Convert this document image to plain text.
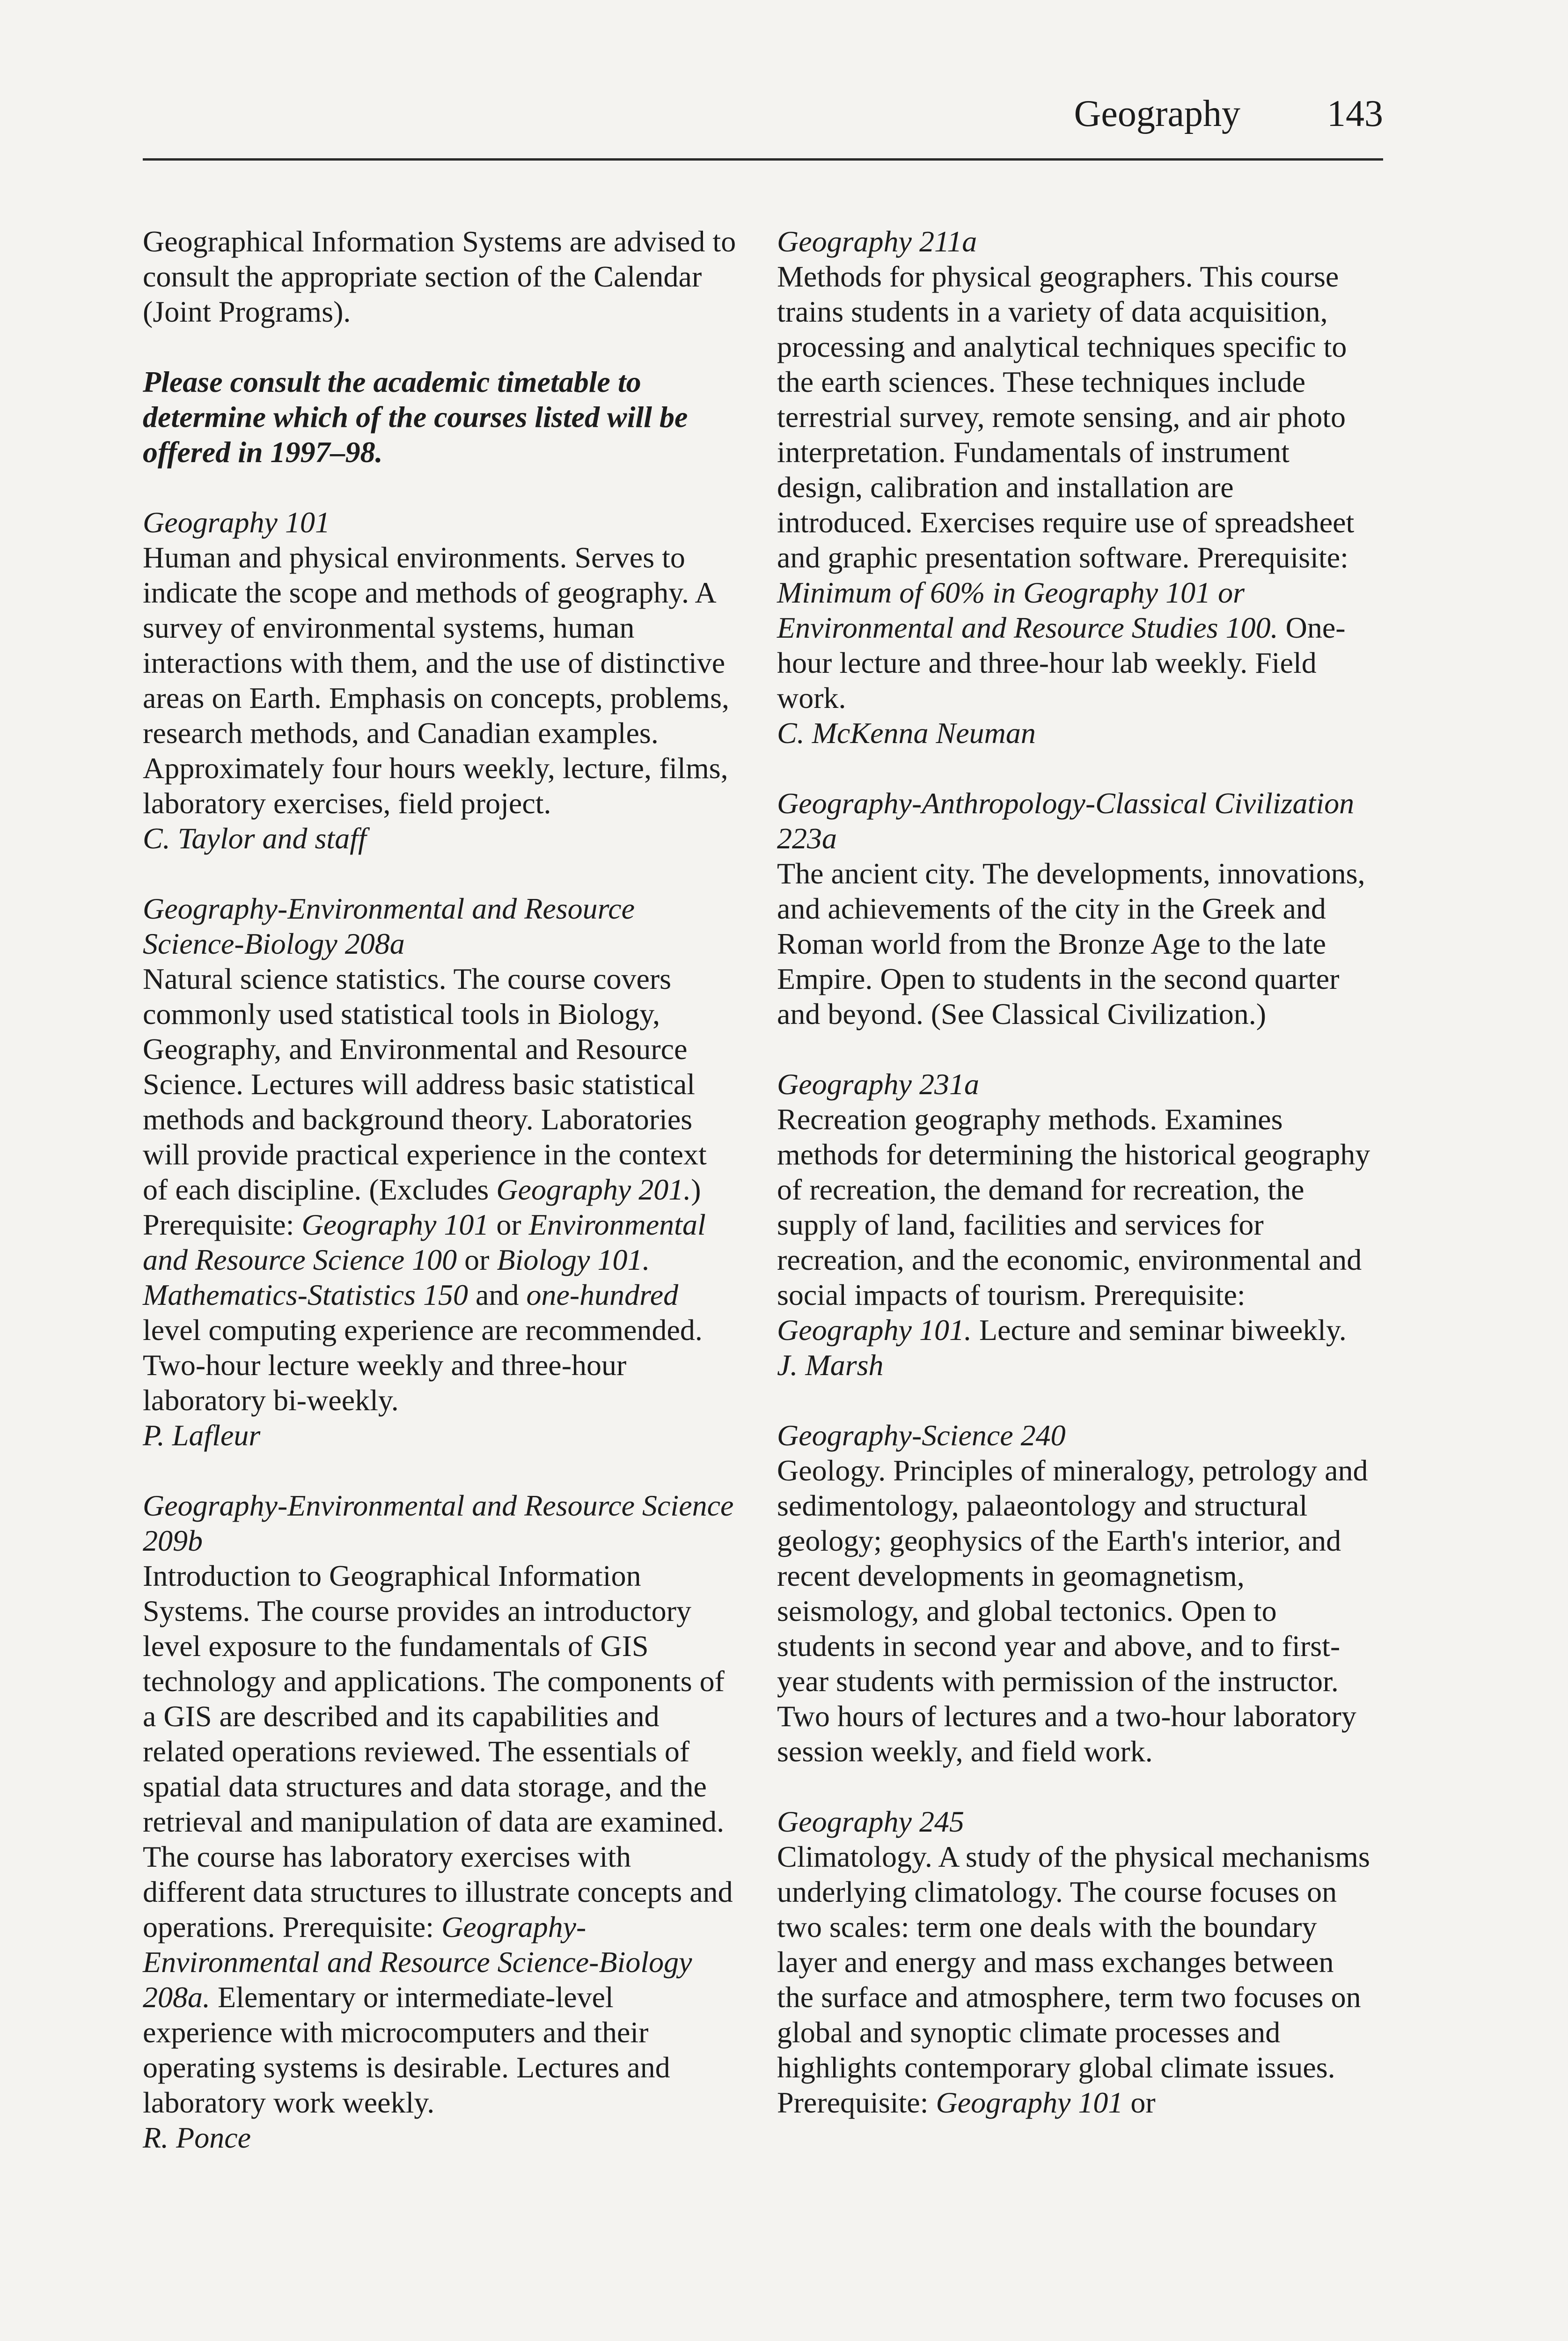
Geography 143

Geographical Information Systems are advised to consult the appropriate section of the Calendar (Joint Programs).

Please consult the academic timetable to determine which of the courses listed will be offered in 1997–98.

Geography 101

Human and physical environments. Serves to indicate the scope and methods of geography. A survey of environmental systems, human interactions with them, and the use of distinctive areas on Earth. Emphasis on concepts, problems, research methods, and Canadian examples. Approximately four hours weekly, lecture, films, laboratory exercises, field project.

C. Taylor and staff

Geography-Environmental and Resource Science-Biology 208a

Natural science statistics. The course covers commonly used statistical tools in Biology, Geography, and Environmental and Resource Science. Lectures will address basic statistical methods and background theory. Laboratories will provide practical experience in the context of each discipline. (Excludes Geography 201.) Prerequisite: Geography 101 or Environmental and Resource Science 100 or Biology 101. Mathematics-Statistics 150 and one-hundred level computing experience are recommended. Two-hour lecture weekly and three-hour laboratory bi-weekly.

P. Lafleur

Geography-Environmental and Resource Science 209b

Introduction to Geographical Information Systems. The course provides an introductory level exposure to the fundamentals of GIS technology and applications. The components of a GIS are described and its capabilities and related operations reviewed. The essentials of spatial data structures and data storage, and the retrieval and manipulation of data are examined. The course has laboratory exercises with different data structures to illustrate concepts and operations. Prerequisite: Geography-Environmental and Resource Science-Biology 208a. Elementary or intermediate-level experience with microcomputers and their operating systems is desirable. Lectures and laboratory work weekly.

R. Ponce

Geography 211a

Methods for physical geographers. This course trains students in a variety of data acquisition, processing and analytical techniques specific to the earth sciences. These techniques include terrestrial survey, remote sensing, and air photo interpretation. Fundamentals of instrument design, calibration and installation are introduced. Exercises require use of spreadsheet and graphic presentation software. Prerequisite: Minimum of 60% in Geography 101 or Environmental and Resource Studies 100. One-hour lecture and three-hour lab weekly. Field work.

C. McKenna Neuman

Geography-Anthropology-Classical Civilization 223a

The ancient city. The developments, innovations, and achievements of the city in the Greek and Roman world from the Bronze Age to the late Empire. Open to students in the second quarter and beyond. (See Classical Civilization.)

Geography 231a

Recreation geography methods. Examines methods for determining the historical geography of recreation, the demand for recreation, the supply of land, facilities and services for recreation, and the economic, environmental and social impacts of tourism. Prerequisite: Geography 101. Lecture and seminar biweekly.

J. Marsh

Geography-Science 240

Geology. Principles of mineralogy, petrology and sedimentology, palaeontology and structural geology; geophysics of the Earth's interior, and recent developments in geomagnetism, seismology, and global tectonics. Open to students in second year and above, and to first-year students with permission of the instructor. Two hours of lectures and a two-hour laboratory session weekly, and field work.

Geography 245

Climatology. A study of the physical mechanisms underlying climatology. The course focuses on two scales: term one deals with the boundary layer and energy and mass exchanges between the surface and atmosphere, term two focuses on global and synoptic climate processes and highlights contemporary global climate issues. Prerequisite: Geography 101 or
